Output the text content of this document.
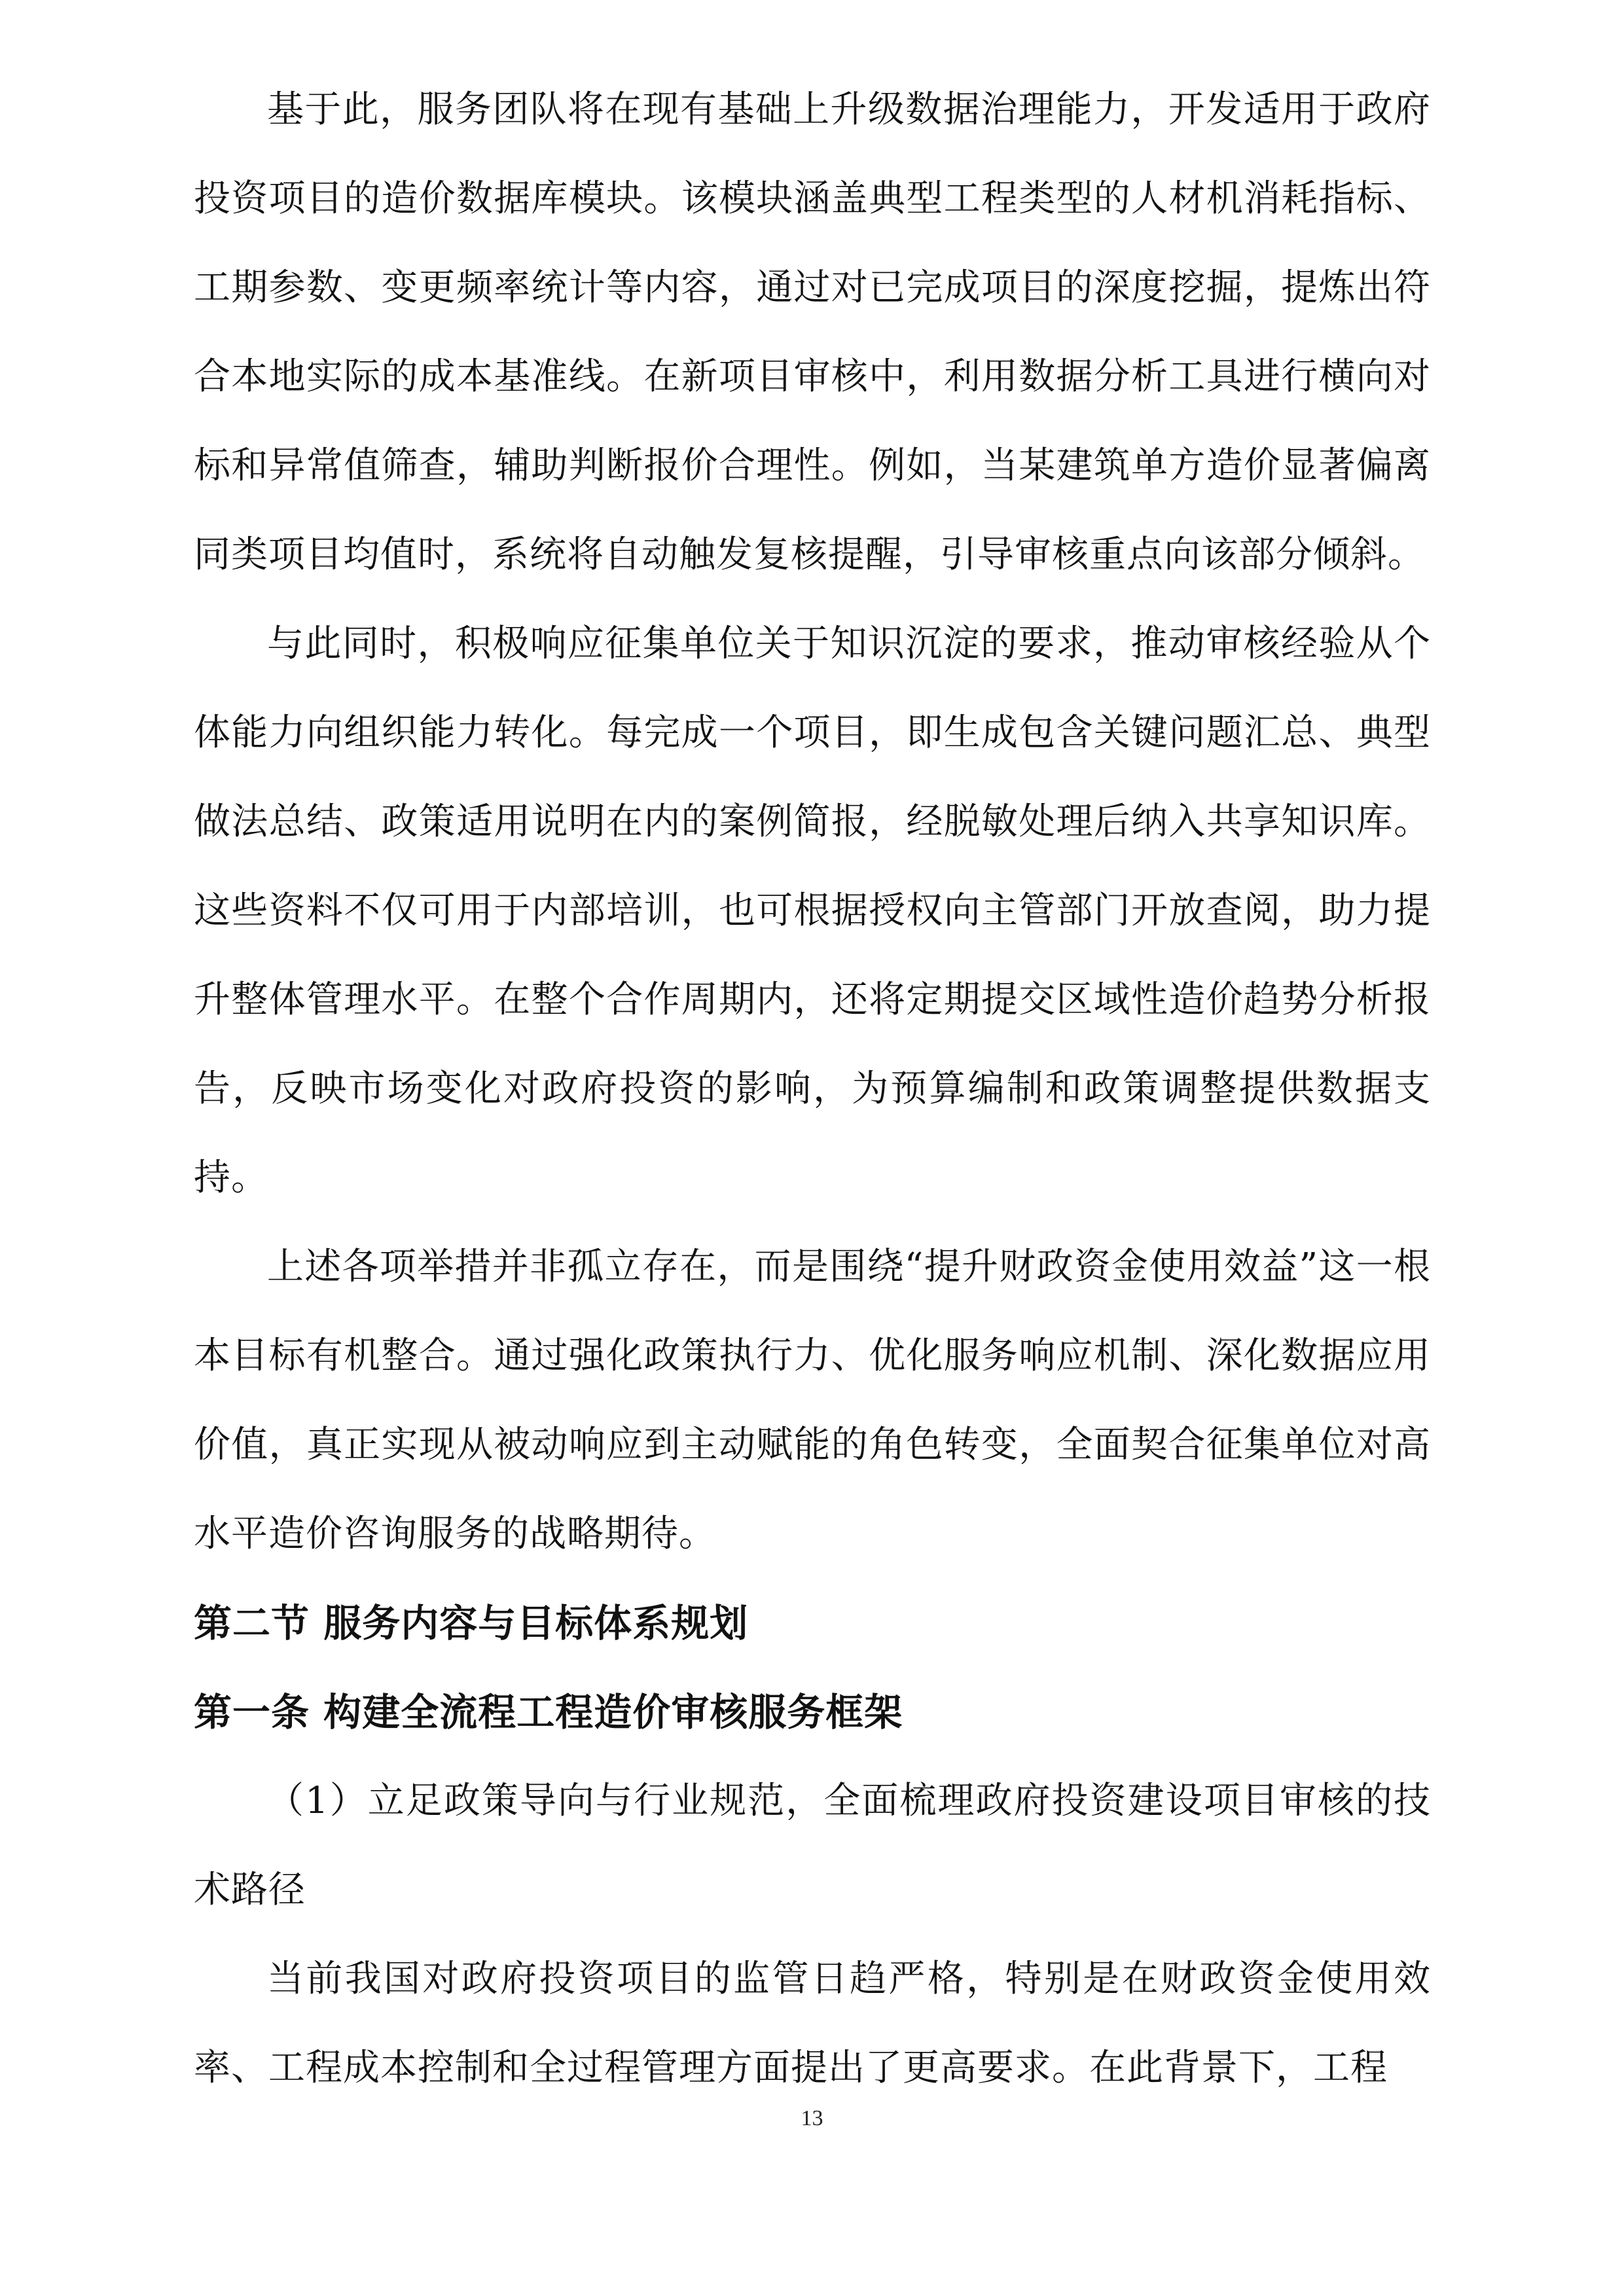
基于此，服务团队将在现有基础上升级数据治理能力，开发适用于政府投资项目的造价数据库模块。该模块涵盖典型工程类型的人材机消耗指标、工期参数、变更频率统计等内容，通过对已完成项目的深度挖掘，提炼出符合本地实际的成本基准线。在新项目审核中，利用数据分析工具进行横向对标和异常值筛查，辅助判断报价合理性。例如，当某建筑单方造价显著偏离同类项目均值时，系统将自动触发复核提醒，引导审核重点向该部分倾斜。

与此同时，积极响应征集单位关于知识沉淀的要求，推动审核经验从个体能力向组织能力转化。每完成一个项目，即生成包含关键问题汇总、典型做法总结、政策适用说明在内的案例简报，经脱敏处理后纳入共享知识库。这些资料不仅可用于内部培训，也可根据授权向主管部门开放查阅，助力提升整体管理水平。在整个合作周期内，还将定期提交区域性造价趋势分析报告，反映市场变化对政府投资的影响，为预算编制和政策调整提供数据支持。

上述各项举措并非孤立存在，而是围绕“提升财政资金使用效益”这一根本目标有机整合。通过强化政策执行力、优化服务响应机制、深化数据应用价值，真正实现从被动响应到主动赋能的角色转变，全面契合征集单位对高水平造价咨询服务的战略期待。

第二节 服务内容与目标体系规划
第一条 构建全流程工程造价审核服务框架

（1）立足政策导向与行业规范，全面梳理政府投资建设项目审核的技术路径

当前我国对政府投资项目的监管日趋严格，特别是在财政资金使用效率、工程成本控制和全过程管理方面提出了更高要求。在此背景下，工程

13
